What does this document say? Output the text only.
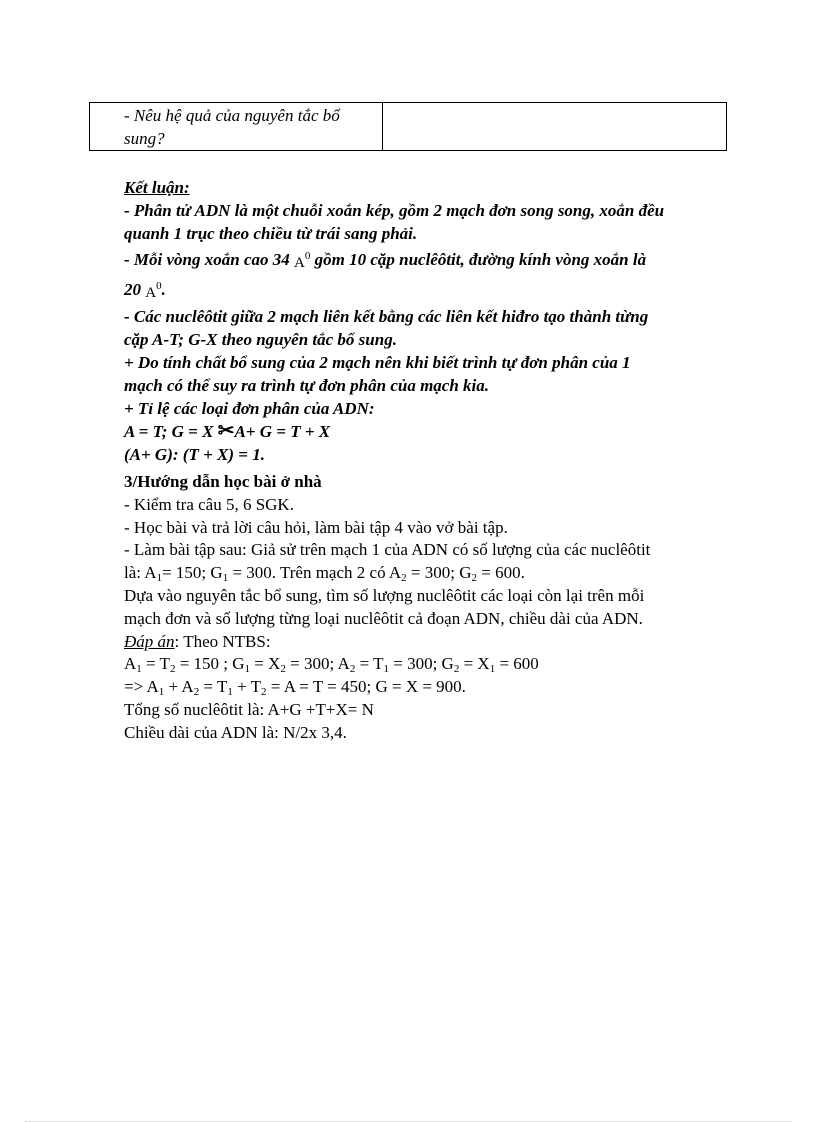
- Nêu hệ quả của nguyên tắc bổ
sung?

Kết luận:
- Phân tử ADN là một chuỗi xoắn kép, gồm 2 mạch đơn song song, xoắn đều
quanh 1 trục theo chiều từ trái sang phải.
- Mỗi vòng xoắn cao 34 $A^0$ gồm 10 cặp nuclêôtit, đường kính vòng xoắn là
20 $A^0$.
- Các nuclêôtit giữa 2 mạch liên kết bằng các liên kết hiđro tạo thành từng
cặp A-T; G-X theo nguyên tắc bổ sung.
+ Do tính chất bổ sung của 2 mạch nên khi biết trình tự đơn phân của 1
mạch có thể suy ra trình tự đơn phân của mạch kia.
+ Tỉ lệ các loại đơn phân của ADN:
A = T; G = X ✂A+ G = T + X
(A+ G): (T + X) = 1.
3/Hướng dẫn học bài ở nhà
- Kiểm tra câu 5, 6 SGK.
- Học bài và trả lời câu hỏi, làm bài tập 4 vào vở bài tập.
- Làm bài tập sau: Giả sử trên mạch 1 của ADN có số lượng của các nuclêôtit
là: $A_1= 150$; $G_1 = 300$. Trên mạch 2 có $A_2 = 300$; $G_2 = 600$.
Dựa vào nguyên tắc bổ sung, tìm số lượng nuclêôtit các loại còn lại trên mỗi
mạch đơn và số lượng từng loại nuclêôtit cả đoạn ADN, chiều dài của ADN.
Đáp án: Theo NTBS:
$A_1 = T_2 = 150$ ; $G_1 = X_2 = 300$; $A_2 = T_1 = 300$; $G_2 = X_1 = 600$
=> $A_1 + A_2 = T_1 + T_2 = A = T = 450$; G = X = 900.
Tổng số nuclêôtit là: A+G +T+X= N
Chiều dài của ADN là: N/2x 3,4.
